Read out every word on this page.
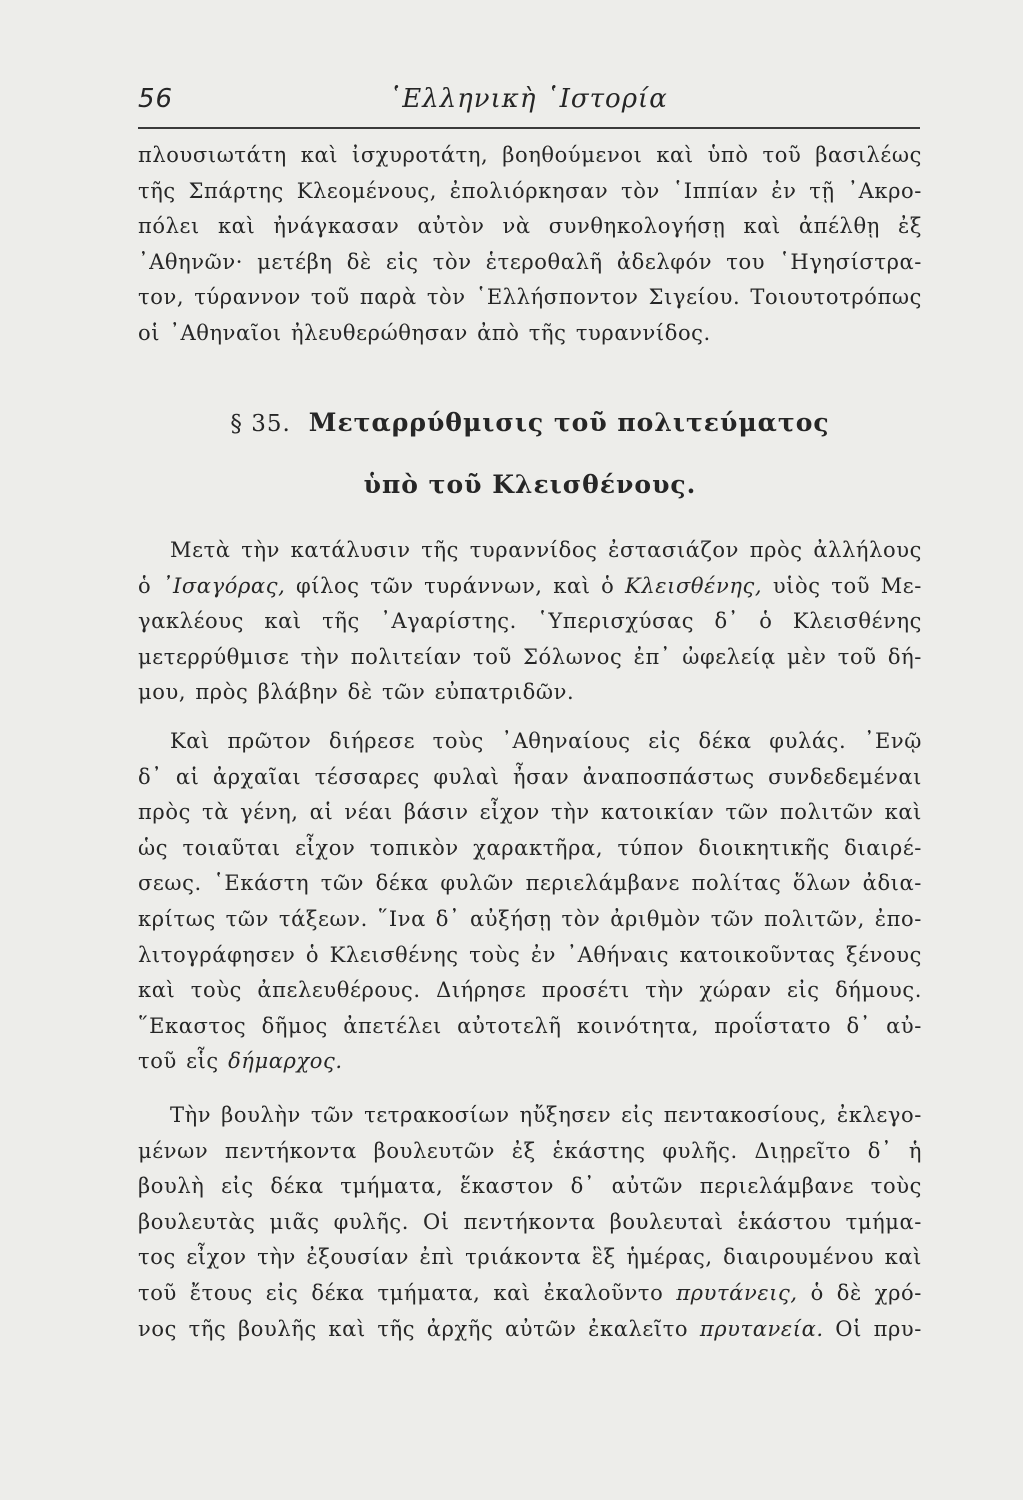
56	῾Ελληνικὴ ῾Ιστορία
πλουσιωτάτη καὶ ἰσχυροτάτη, βοηθούμενοι καὶ ὑπὸ τοῦ βασιλέως
τῆς Σπάρτης Κλεομένους, ἐπολιόρκησαν τὸν ῾Ιππίαν ἐν τῇ ᾿Ακρο-
πόλει καὶ ἠνάγκασαν αὐτὸν νὰ συνθηκολογήσῃ καὶ ἀπέλθῃ ἐξ
᾿Αθηνῶν· μετέβη δὲ εἰς τὸν ἑτεροθαλῆ ἀδελφόν του ῾Ηγησίστρα-
τον, τύραννον τοῦ παρὰ τὸν ῾Ελλήσποντον Σιγείου. Τοιουτοτρόπως
οἱ ᾿Αθηναῖοι ἠλευθερώθησαν ἀπὸ τῆς τυραννίδος.
§ 35. Μεταρρύθμισις τοῦ πολιτεύματος
ὑπὸ τοῦ Κλεισθένους.
Μετὰ τὴν κατάλυσιν τῆς τυραννίδος ἐστασιάζον πρὸς ἀλλήλους
ὁ ᾿Ισαγόρας, φίλος τῶν τυράννων, καὶ ὁ Κλεισθένης, υἱὸς τοῦ Με-
γακλέους καὶ τῆς ᾿Αγαρίστης. ῾Υπερισχύσας δ᾿ ὁ Κλεισθένης
μετερρύθμισε τὴν πολιτείαν τοῦ Σόλωνος ἐπ᾿ ὠφελείᾳ μὲν τοῦ δή-
μου, πρὸς βλάβην δὲ τῶν εὐπατριδῶν.
Καὶ πρῶτον διήρεσε τοὺς ᾿Αθηναίους εἰς δέκα φυλάς. ᾿Ενῷ
δ᾿ αἱ ἀρχαῖαι τέσσαρες φυλαὶ ἦσαν ἀναποσπάστως συνδεδεμέναι
πρὸς τὰ γένη, αἱ νέαι βάσιν εἶχον τὴν κατοικίαν τῶν πολιτῶν καὶ
ὡς τοιαῦται εἶχον τοπικὸν χαρακτῆρα, τύπον διοικητικῆς διαιρέ-
σεως. ῾Εκάστη τῶν δέκα φυλῶν περιελάμβανε πολίτας ὅλων ἀδια-
κρίτως τῶν τάξεων. ῞Ινα δ᾿ αὐξήσῃ τὸν ἀριθμὸν τῶν πολιτῶν, ἐπο-
λιτογράφησεν ὁ Κλεισθένης τοὺς ἐν ᾿Αθήναις κατοικοῦντας ξένους
καὶ τοὺς ἀπελευθέρους. Διήρησε προσέτι τὴν χώραν εἰς δήμους.
῞Εκαστος δῆμος ἀπετέλει αὐτοτελῆ κοινότητα, προΐστατο δ᾿ αὐ-
τοῦ εἷς δήμαρχος.
Τὴν βουλὴν τῶν τετρακοσίων ηὔξησεν εἰς πεντακοσίους, ἐκλεγο-
μένων πεντήκοντα βουλευτῶν ἐξ ἑκάστης φυλῆς. Διῃρεῖτο δ᾿ ἡ
βουλὴ εἰς δέκα τμήματα, ἕκαστον δ᾿ αὐτῶν περιελάμβανε τοὺς
βουλευτὰς μιᾶς φυλῆς. Οἱ πεντήκοντα βουλευταὶ ἑκάστου τμήμα-
τος εἶχον τὴν ἐξουσίαν ἐπὶ τριάκοντα ἓξ ἡμέρας, διαιρουμένου καὶ
τοῦ ἔτους εἰς δέκα τμήματα, καὶ ἐκαλοῦντο πρυτάνεις, ὁ δὲ χρό-
νος τῆς βουλῆς καὶ τῆς ἀρχῆς αὐτῶν ἐκαλεῖτο πρυτανεία. Οἱ πρυ-
